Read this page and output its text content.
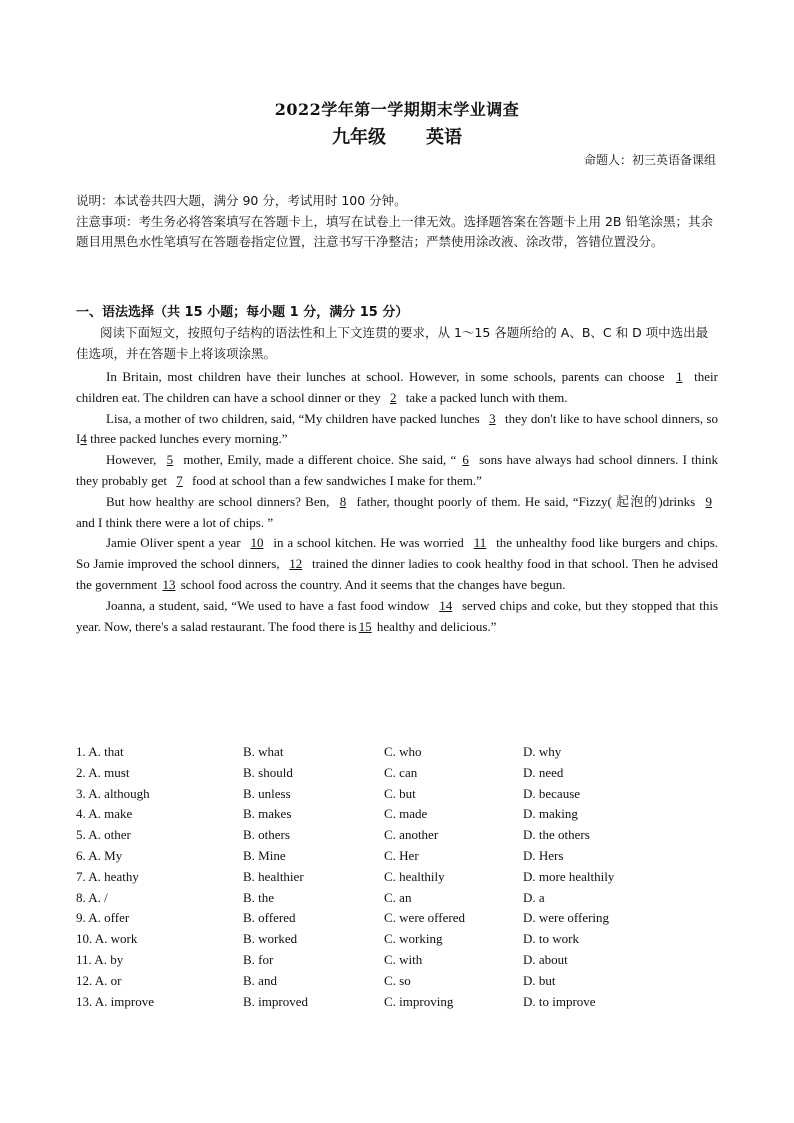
2022学年第一学期期末学业调查
九年级 英语
命题人：初三英语备课组

说明：本试卷共四大题，满分 90 分，考试用时 100 分钟。

注意事项：考生务必将答案填写在答题卡上，填写在试卷上一律无效。选择题答案在答题卡上用 2B 铅笔涂黑；其余题目用黑色水性笔填写在答题卷指定位置，注意书写干净整洁；严禁使用涂改液、涂改带，答错位置没分。

一、语法选择（共 15 小题；每小题 1 分，满分 15 分）

阅读下面短文，按照句子结构的语法性和上下文连贯的要求，从 1～15 各题所给的 A、B、C 和 D 项中选出最佳选项，并在答题卡上将该项涂黑。

In Britain, most children have their lunches at school. However, in some schools, parents can choose 1 their children eat. The children can have a school dinner or they 2 take a packed lunch with them.

Lisa, a mother of two children, said, “My children have packed lunches 3 they don't like to have school dinners, so I4 three packed lunches every morning.”

However, 5 mother, Emily, made a different choice. She said, “ 6 sons have always had school dinners. I think they probably get 7 food at school than a few sandwiches I make for them.”

But how healthy are school dinners? Ben, 8 father, thought poorly of them. He said, “Fizzy( 起泡的)drinks 9 and I think there were a lot of chips. ”

Jamie Oliver spent a year 10 in a school kitchen. He was worried 11 the unhealthy food like burgers and chips. So Jamie improved the school dinners, 12 trained the dinner ladies to cook healthy food in that school. Then he advised the government 13 school food across the country. And it seems that the changes have begun.

Joanna, a student, said, “We used to have a fast food window 14 served chips and coke, but they stopped that this year. Now, there's a salad restaurant. The food there is 15 healthy and delicious.”

1. A. that	B. what	C. who	D. why
2. A. must	B. should	C. can	D. need
3. A. although	B. unless	C. but	D. because
4. A. make	B. makes	C. made	D. making
5. A. other	B. others	C. another	D. the others
6. A. My	B. Mine	C. Her	D. Hers
7. A. heathy	B. healthier	C. healthily	D. more healthily
8. A. /	B. the	C. an	D. a
9. A. offer	B. offered	C. were offered	D. were offering
10. A. work	B. worked	C. working	D. to work
11. A. by	B. for	C. with	D. about
12. A. or	B. and	C. so	D. but
13. A. improve	B. improved	C. improving	D. to improve
